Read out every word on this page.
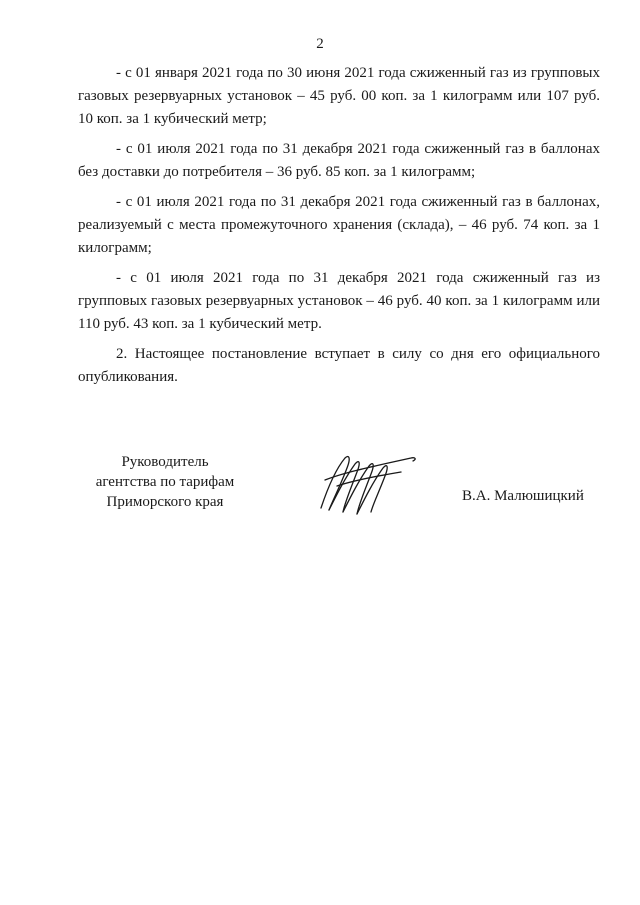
2

- с 01 января 2021 года по 30 июня 2021 года сжиженный газ из групповых газовых резервуарных установок – 45 руб. 00 коп. за 1 килограмм или 107 руб. 10 коп. за 1 кубический метр;

- с 01 июля 2021 года по 31 декабря 2021 года сжиженный газ в баллонах без доставки до потребителя – 36 руб. 85 коп. за 1 килограмм;

- с 01 июля 2021 года по 31 декабря 2021 года сжиженный газ в баллонах, реализуемый с места промежуточного хранения (склада), – 46 руб. 74 коп. за 1 килограмм;

- с 01 июля 2021 года по 31 декабря 2021 года сжиженный газ из групповых газовых резервуарных установок – 46 руб. 40 коп. за 1 килограмм или 110 руб. 43 коп. за 1 кубический метр.

2. Настоящее постановление вступает в силу со дня его официального опубликования.

Руководитель
агентства по тарифам
Приморского края	В.А. Малюшицкий
